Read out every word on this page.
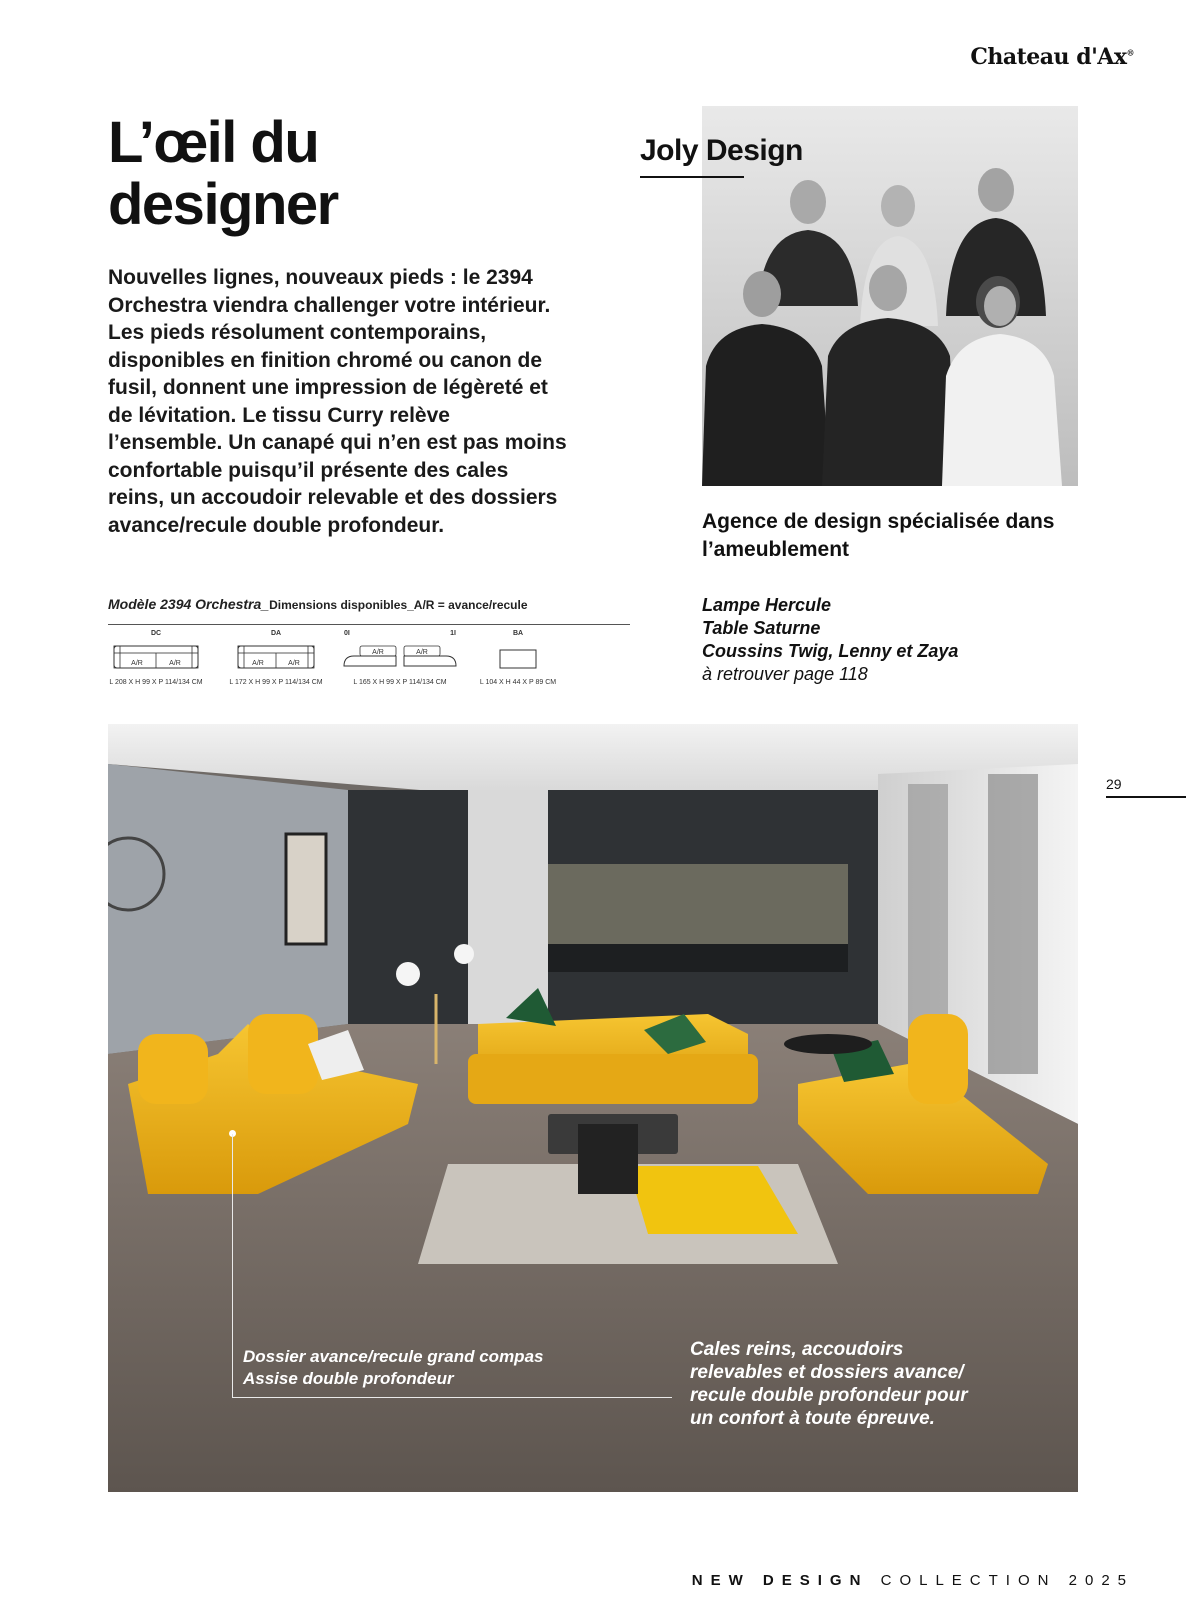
Chateau d'Ax®
L’œil du
designer

Nouvelles lignes, nouveaux pieds : le 2394 Orchestra viendra challenger votre intérieur. Les pieds résolument contemporains, disponibles en finition chromé ou canon de fusil, donnent une impression de légèreté et de lévitation. Le tissu Curry relève l’ensemble. Un canapé qui n’en est pas moins confortable puisqu’il présente des cales reins, un accoudoir relevable et des dossiers avance/recule double profondeur.

Modèle 2394 Orchestra_Dimensions disponibles_A/R = avance/recule
DC
A/R	A/R
L 208 X H 99 X P 114/134 CM
DA
A/R	A/R
L 172 X H 99 X P 114/134 CM
0I	1I
A/R	A/R
L 165 X H 99 X P 114/134 CM
BA
L 104 X H 44 X P 89 CM
Joly Design
Agence de design spécialisée dans l’ameublement
Lampe Hercule
Table Saturne
Coussins Twig, Lenny et Zaya
à retrouver page 118
29
Dossier avance/recule grand compas
Assise double profondeur
Cales reins, accoudoirs relevables et dossiers avance/ recule double profondeur pour un confort à toute épreuve.
NEW DESIGN COLLECTION 2025
